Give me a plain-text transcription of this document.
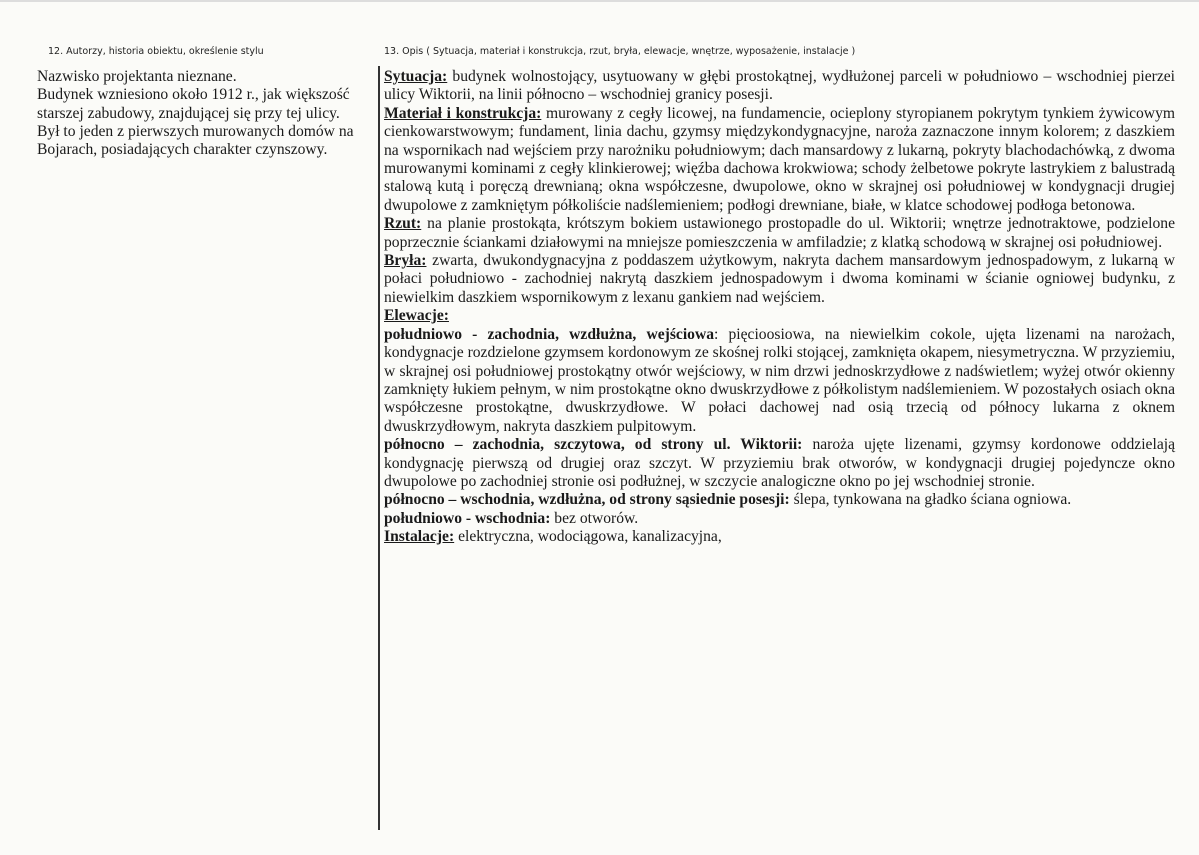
12. Autorzy, historia obiektu, określenie stylu

Nazwisko projektanta nieznane.

Budynek wzniesiono około 1912 r., jak większość starszej zabudowy, znajdującej się przy tej ulicy.

Był to jeden z pierwszych murowanych domów na Bojarach, posiadających charakter czynszowy.

13. Opis ( Sytuacja, materiał i konstrukcja, rzut, bryła, elewacje, wnętrze, wyposażenie, instalacje )

Sytuacja: budynek wolnostojący, usytuowany w głębi prostokątnej, wydłużonej parceli w południowo – wschodniej pierzei ulicy Wiktorii, na linii północno – wschodniej granicy posesji.

Materiał i konstrukcja: murowany z cegły licowej, na fundamencie, ocieplony styropianem pokrytym tynkiem żywicowym cienkowarstwowym; fundament, linia dachu, gzymsy międzykondygnacyjne, naroża zaznaczone innym kolorem; z daszkiem na wspornikach nad wejściem przy narożniku południowym; dach mansardowy z lukarną, pokryty blachodachówką, z dwoma murowanymi kominami z cegły klinkierowej; więźba dachowa krokwiowa; schody żelbetowe pokryte lastrykiem z balustradą stalową kutą i poręczą drewnianą; okna współczesne, dwupolowe, okno w skrajnej osi południowej w kondygnacji drugiej dwupolowe z zamkniętym półkoliście nadślemieniem; podłogi drewniane, białe, w klatce schodowej podłoga betonowa.

Rzut: na planie prostokąta, krótszym bokiem ustawionego prostopadle do ul. Wiktorii; wnętrze jednotraktowe, podzielone poprzecznie ściankami działowymi na mniejsze pomieszczenia w amfiladzie; z klatką schodową w skrajnej osi południowej.

Bryła: zwarta, dwukondygnacyjna z poddaszem użytkowym, nakryta dachem mansardowym jednospadowym, z lukarną w połaci południowo - zachodniej nakrytą daszkiem jednospadowym i dwoma kominami w ścianie ogniowej budynku, z niewielkim daszkiem wspornikowym z lexanu gankiem nad wejściem.

Elewacje:

południowo - zachodnia, wzdłużna, wejściowa: pięcioosiowa, na niewielkim cokole, ujęta lizenami na narożach, kondygnacje rozdzielone gzymsem kordonowym ze skośnej rolki stojącej, zamknięta okapem, niesymetryczna. W przyziemiu, w skrajnej osi południowej prostokątny otwór wejściowy, w nim drzwi jednoskrzydłowe z nadświetlem; wyżej otwór okienny zamknięty łukiem pełnym, w nim prostokątne okno dwuskrzydłowe z półkolistym nadślemieniem. W pozostałych osiach okna współczesne prostokątne, dwuskrzydłowe. W połaci dachowej nad osią trzecią od północy lukarna z oknem dwuskrzydłowym, nakryta daszkiem pulpitowym.

północno – zachodnia, szczytowa, od strony ul. Wiktorii: naroża ujęte lizenami, gzymsy kordonowe oddzielają kondygnację pierwszą od drugiej oraz szczyt. W przyziemiu brak otworów, w kondygnacji drugiej pojedyncze okno dwupolowe po zachodniej stronie osi podłużnej, w szczycie analogiczne okno po jej wschodniej stronie.

północno – wschodnia, wzdłużna, od strony sąsiednie posesji: ślepa, tynkowana na gładko ściana ogniowa.

południowo - wschodnia: bez otworów.

Instalacje: elektryczna, wodociągowa, kanalizacyjna,
